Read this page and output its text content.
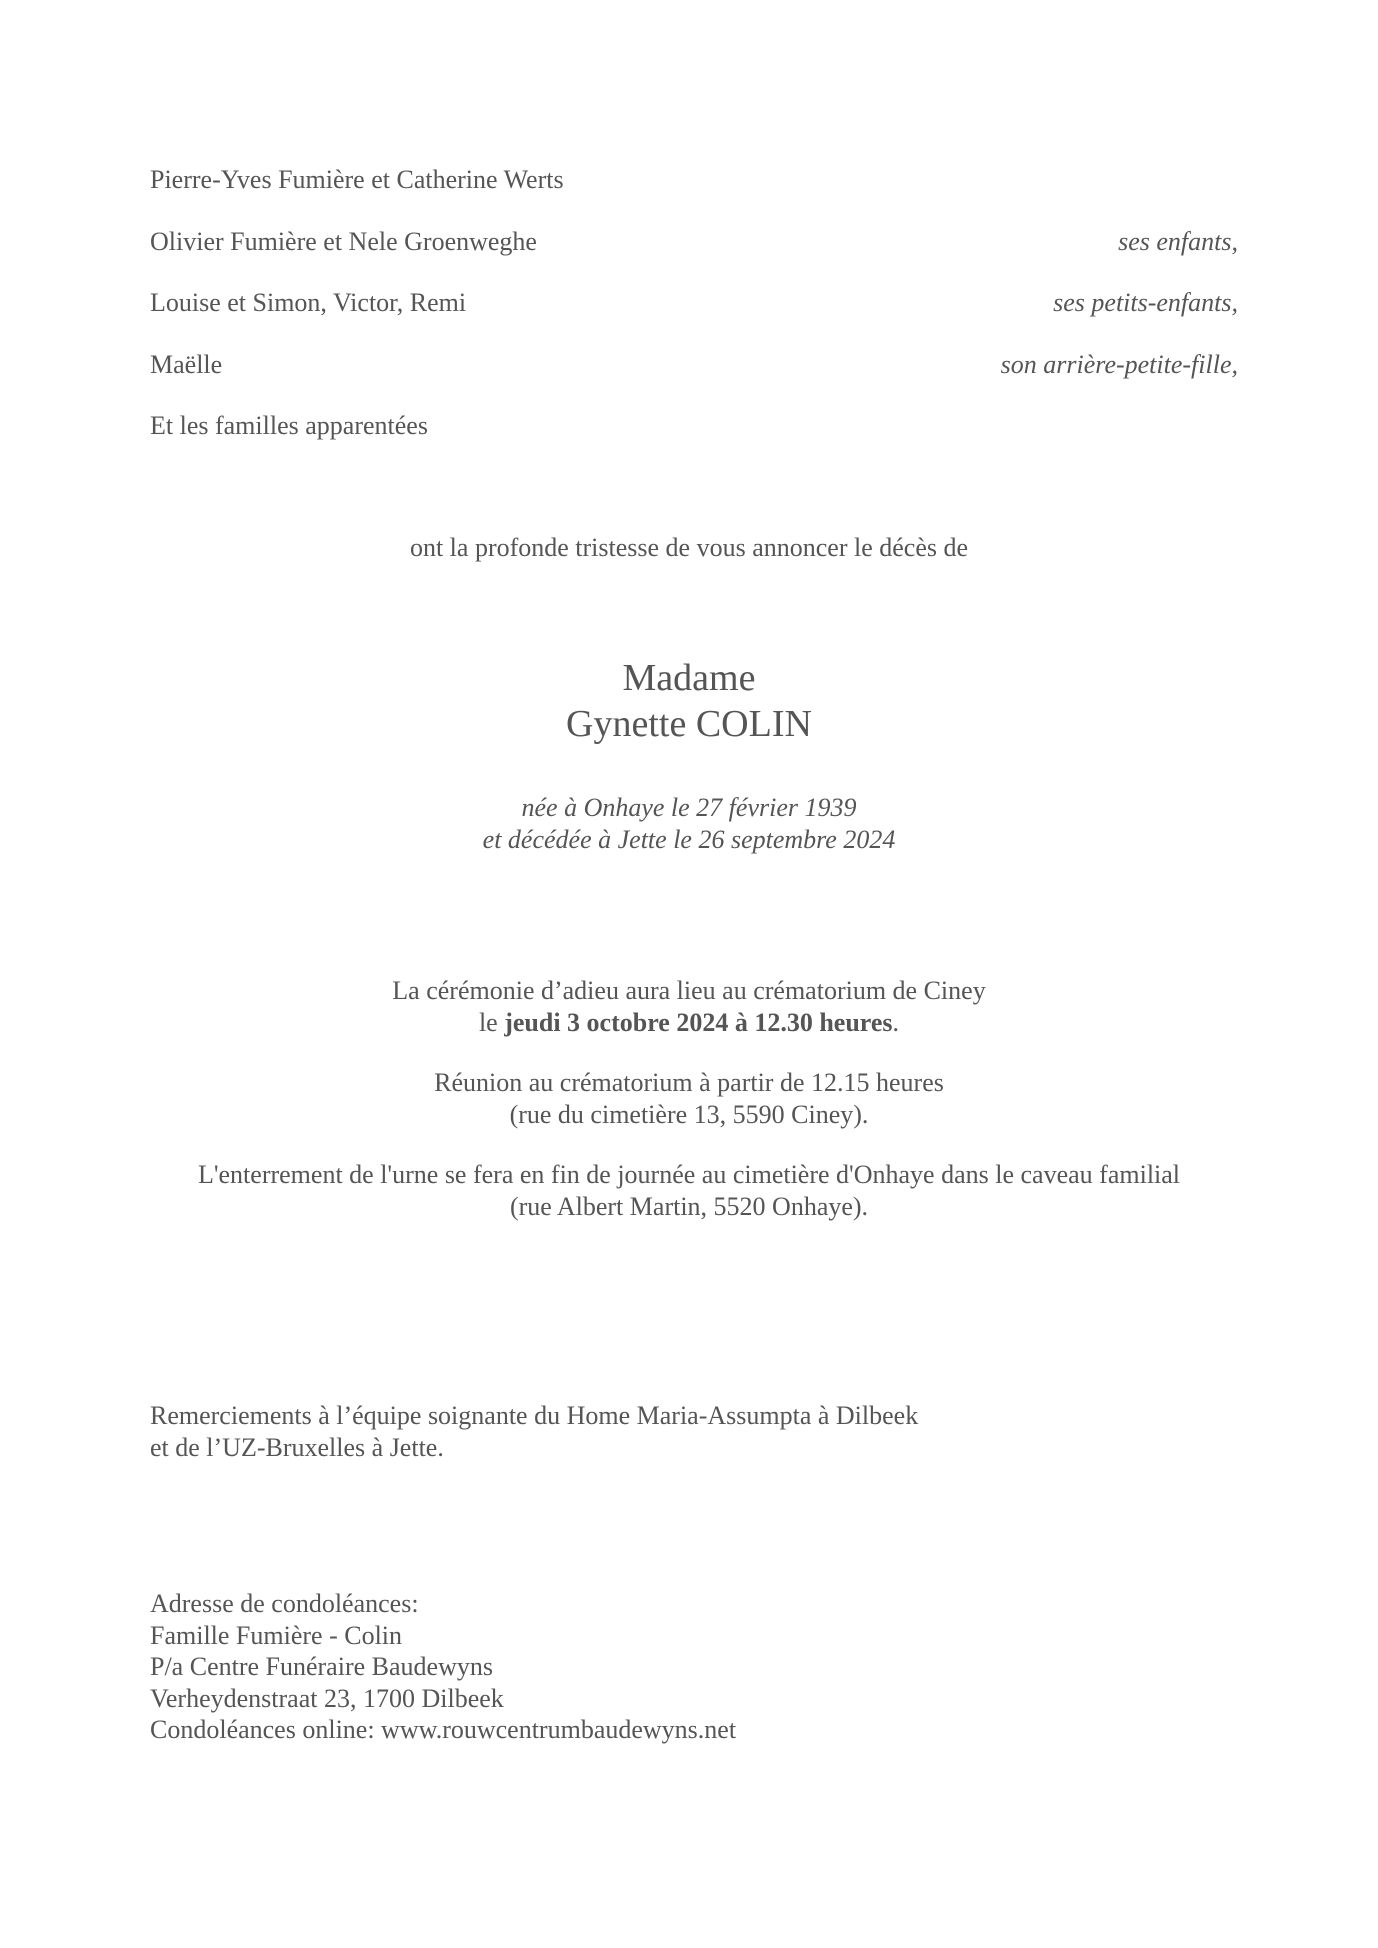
Pierre-Yves Fumière et Catherine Werts
Olivier Fumière et Nele Groenweghe	ses enfants,
Louise et Simon, Victor, Remi	ses petits-enfants,
Maëlle	son arrière-petite-fille,
Et les familles apparentées
ont la profonde tristesse de vous annoncer le décès de
Madame
Gynette COLIN
née à Onhaye le 27 février 1939
et décédée à Jette le 26 septembre 2024

La cérémonie d’adieu aura lieu au crématorium de Ciney
le jeudi 3 octobre 2024 à 12.30 heures.

Réunion au crématorium à partir de 12.15 heures
(rue du cimetière 13, 5590 Ciney).

L'enterrement de l'urne se fera en fin de journée au cimetière d'Onhaye dans le caveau familial
(rue Albert Martin, 5520 Onhaye).

Remerciements à l’équipe soignante du Home Maria-Assumpta à Dilbeek
et de l’UZ-Bruxelles à Jette.
Adresse de condoléances:
Famille Fumière - Colin
P/a Centre Funéraire Baudewyns
Verheydenstraat 23, 1700 Dilbeek
Condoléances online: www.rouwcentrumbaudewyns.net
